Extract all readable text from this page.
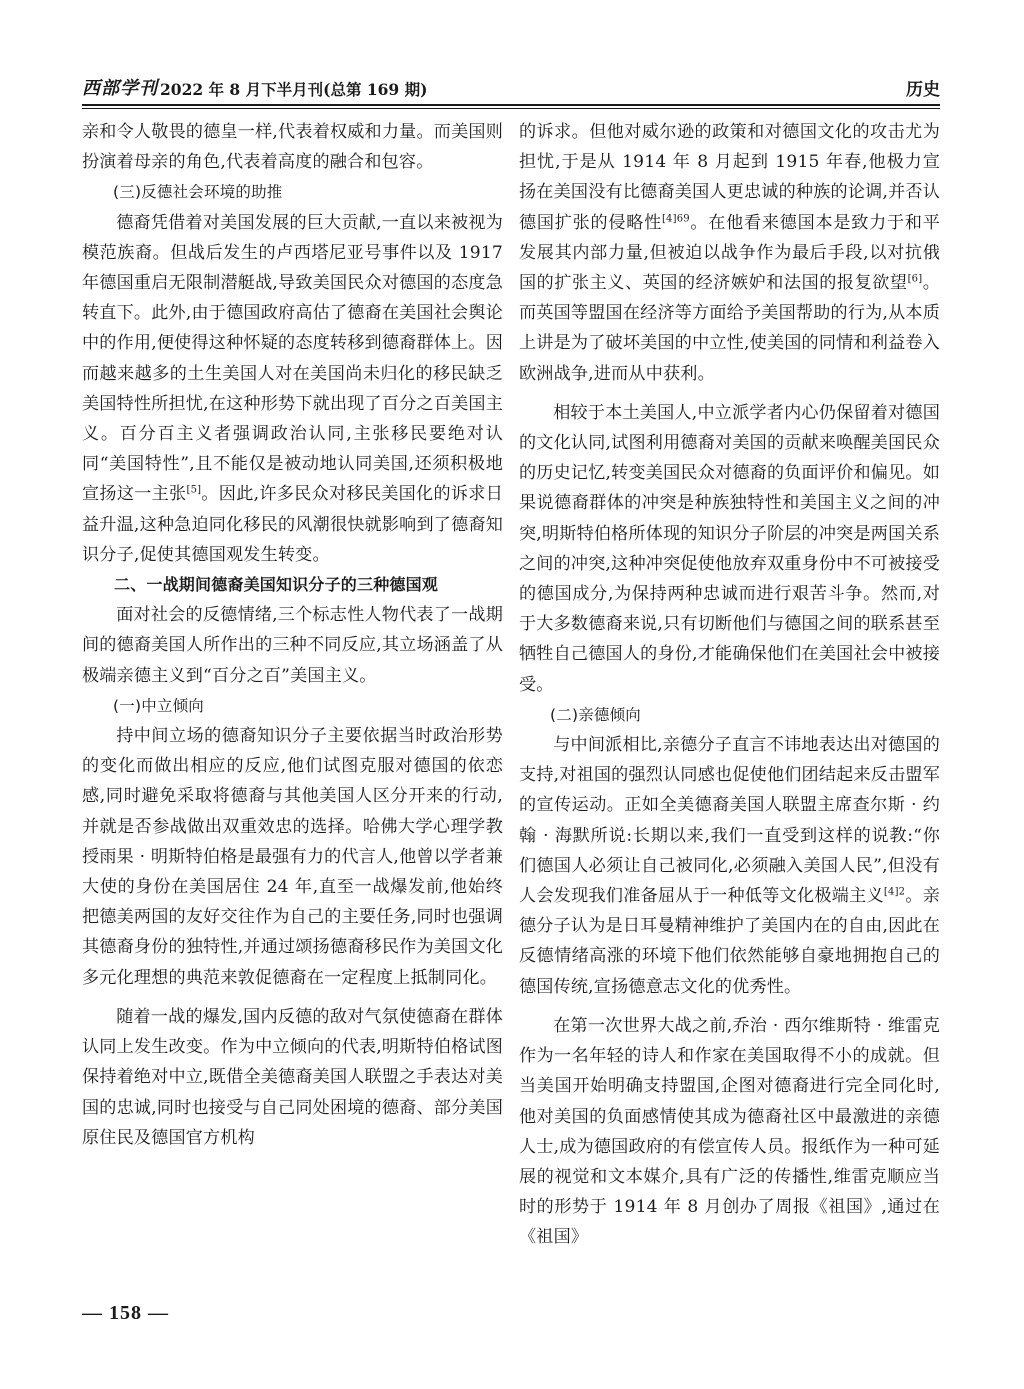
西部学刊 2022 年 8 月下半月刊(总第 169 期)	历史

亲和令人敬畏的德皇一样,代表着权威和力量。而美国则扮演着母亲的角色,代表着高度的融合和包容。

(三)反德社会环境的助推

德裔凭借着对美国发展的巨大贡献,一直以来被视为模范族裔。但战后发生的卢西塔尼亚号事件以及 1917 年德国重启无限制潜艇战,导致美国民众对德国的态度急转直下。此外,由于德国政府高估了德裔在美国社会舆论中的作用,便使得这种怀疑的态度转移到德裔群体上。因而越来越多的土生美国人对在美国尚未归化的移民缺乏美国特性所担忧,在这种形势下就出现了百分之百美国主义。百分百主义者强调政治认同,主张移民要绝对认同“美国特性”,且不能仅是被动地认同美国,还须积极地宣扬这一主张[5]。因此,许多民众对移民美国化的诉求日益升温,这种急迫同化移民的风潮很快就影响到了德裔知识分子,促使其德国观发生转变。

二、一战期间德裔美国知识分子的三种德国观

面对社会的反德情绪,三个标志性人物代表了一战期间的德裔美国人所作出的三种不同反应,其立场涵盖了从极端亲德主义到“百分之百”美国主义。

(一)中立倾向

持中间立场的德裔知识分子主要依据当时政治形势的变化而做出相应的反应,他们试图克服对德国的依恋感,同时避免采取将德裔与其他美国人区分开来的行动,并就是否参战做出双重效忠的选择。哈佛大学心理学教授雨果 · 明斯特伯格是最强有力的代言人,他曾以学者兼大使的身份在美国居住 24 年,直至一战爆发前,他始终把德美两国的友好交往作为自己的主要任务,同时也强调其德裔身份的独特性,并通过颂扬德裔移民作为美国文化多元化理想的典范来敦促德裔在一定程度上抵制同化。

随着一战的爆发,国内反德的敌对气氛使德裔在群体认同上发生改变。作为中立倾向的代表,明斯特伯格试图保持着绝对中立,既借全美德裔美国人联盟之手表达对美国的忠诚,同时也接受与自己同处困境的德裔、部分美国原住民及德国官方机构

的诉求。但他对威尔逊的政策和对德国文化的攻击尤为担忧,于是从 1914 年 8 月起到 1915 年春,他极力宣扬在美国没有比德裔美国人更忠诚的种族的论调,并否认德国扩张的侵略性$^{[4]69}$。在他看来德国本是致力于和平发展其内部力量,但被迫以战争作为最后手段,以对抗俄国的扩张主义、英国的经济嫉妒和法国的报复欲望[6]。而英国等盟国在经济等方面给予美国帮助的行为,从本质上讲是为了破坏美国的中立性,使美国的同情和利益卷入欧洲战争,进而从中获利。

相较于本土美国人,中立派学者内心仍保留着对德国的文化认同,试图利用德裔对美国的贡献来唤醒美国民众的历史记忆,转变美国民众对德裔的负面评价和偏见。如果说德裔群体的冲突是种族独特性和美国主义之间的冲突,明斯特伯格所体现的知识分子阶层的冲突是两国关系之间的冲突,这种冲突促使他放弃双重身份中不可被接受的德国成分,为保持两种忠诚而进行艰苦斗争。然而,对于大多数德裔来说,只有切断他们与德国之间的联系甚至牺牲自己德国人的身份,才能确保他们在美国社会中被接受。

(二)亲德倾向

与中间派相比,亲德分子直言不讳地表达出对德国的支持,对祖国的强烈认同感也促使他们团结起来反击盟军的宣传运动。正如全美德裔美国人联盟主席查尔斯 · 约翰 · 海默所说:长期以来,我们一直受到这样的说教:“你们德国人必须让自己被同化,必须融入美国人民”,但没有人会发现我们准备屈从于一种低等文化极端主义$^{[4]2}$。亲德分子认为是日耳曼精神维护了美国内在的自由,因此在反德情绪高涨的环境下他们依然能够自豪地拥抱自己的德国传统,宣扬德意志文化的优秀性。

在第一次世界大战之前,乔治 · 西尔维斯特 · 维雷克作为一名年轻的诗人和作家在美国取得不小的成就。但当美国开始明确支持盟国,企图对德裔进行完全同化时,他对美国的负面感情使其成为德裔社区中最激进的亲德人士,成为德国政府的有偿宣传人员。报纸作为一种可延展的视觉和文本媒介,具有广泛的传播性,维雷克顺应当时的形势于 1914 年 8 月创办了周报《祖国》,通过在《祖国》

— 158 —
